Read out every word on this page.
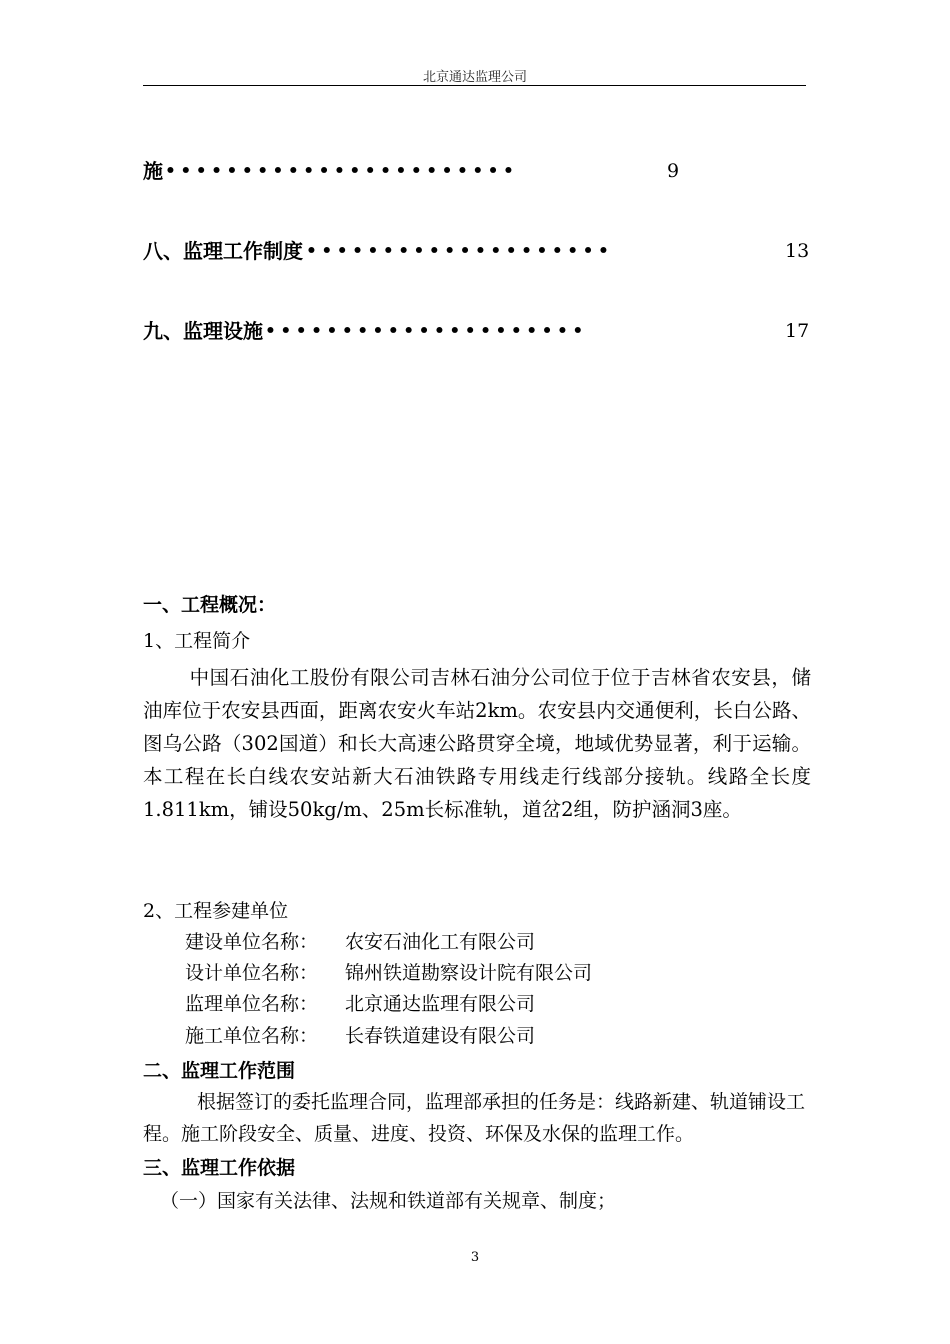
北京通达监理公司
施 •••••••••••••••••••••••	9
八、监理工作制度 ••••••••••••••••••••	13
九、监理设施 •••••••••••••••••••••	17
一、工程概况：
1、工程简介
中国石油化工股份有限公司吉林石油分公司位于位于吉林省农安县，储油库位于农安县西面，距离农安火车站2km。农安县内交通便利，长白公路、图乌公路（302国道）和长大高速公路贯穿全境，地域优势显著，利于运输。本工程在长白线农安站新大石油铁路专用线走行线部分接轨。线路全长度1.811km，铺设50kg/m、25m长标准轨，道岔2组，防护涵洞3座。
2、工程参建单位
建设单位名称： 农安石油化工有限公司
设计单位名称： 锦州铁道勘察设计院有限公司
监理单位名称： 北京通达监理有限公司
施工单位名称： 长春铁道建设有限公司
二、监理工作范围
根据签订的委托监理合同，监理部承担的任务是：线路新建、轨道铺设工程。施工阶段安全、质量、进度、投资、环保及水保的监理工作。
三、监理工作依据
（一）国家有关法律、法规和铁道部有关规章、制度；
3
